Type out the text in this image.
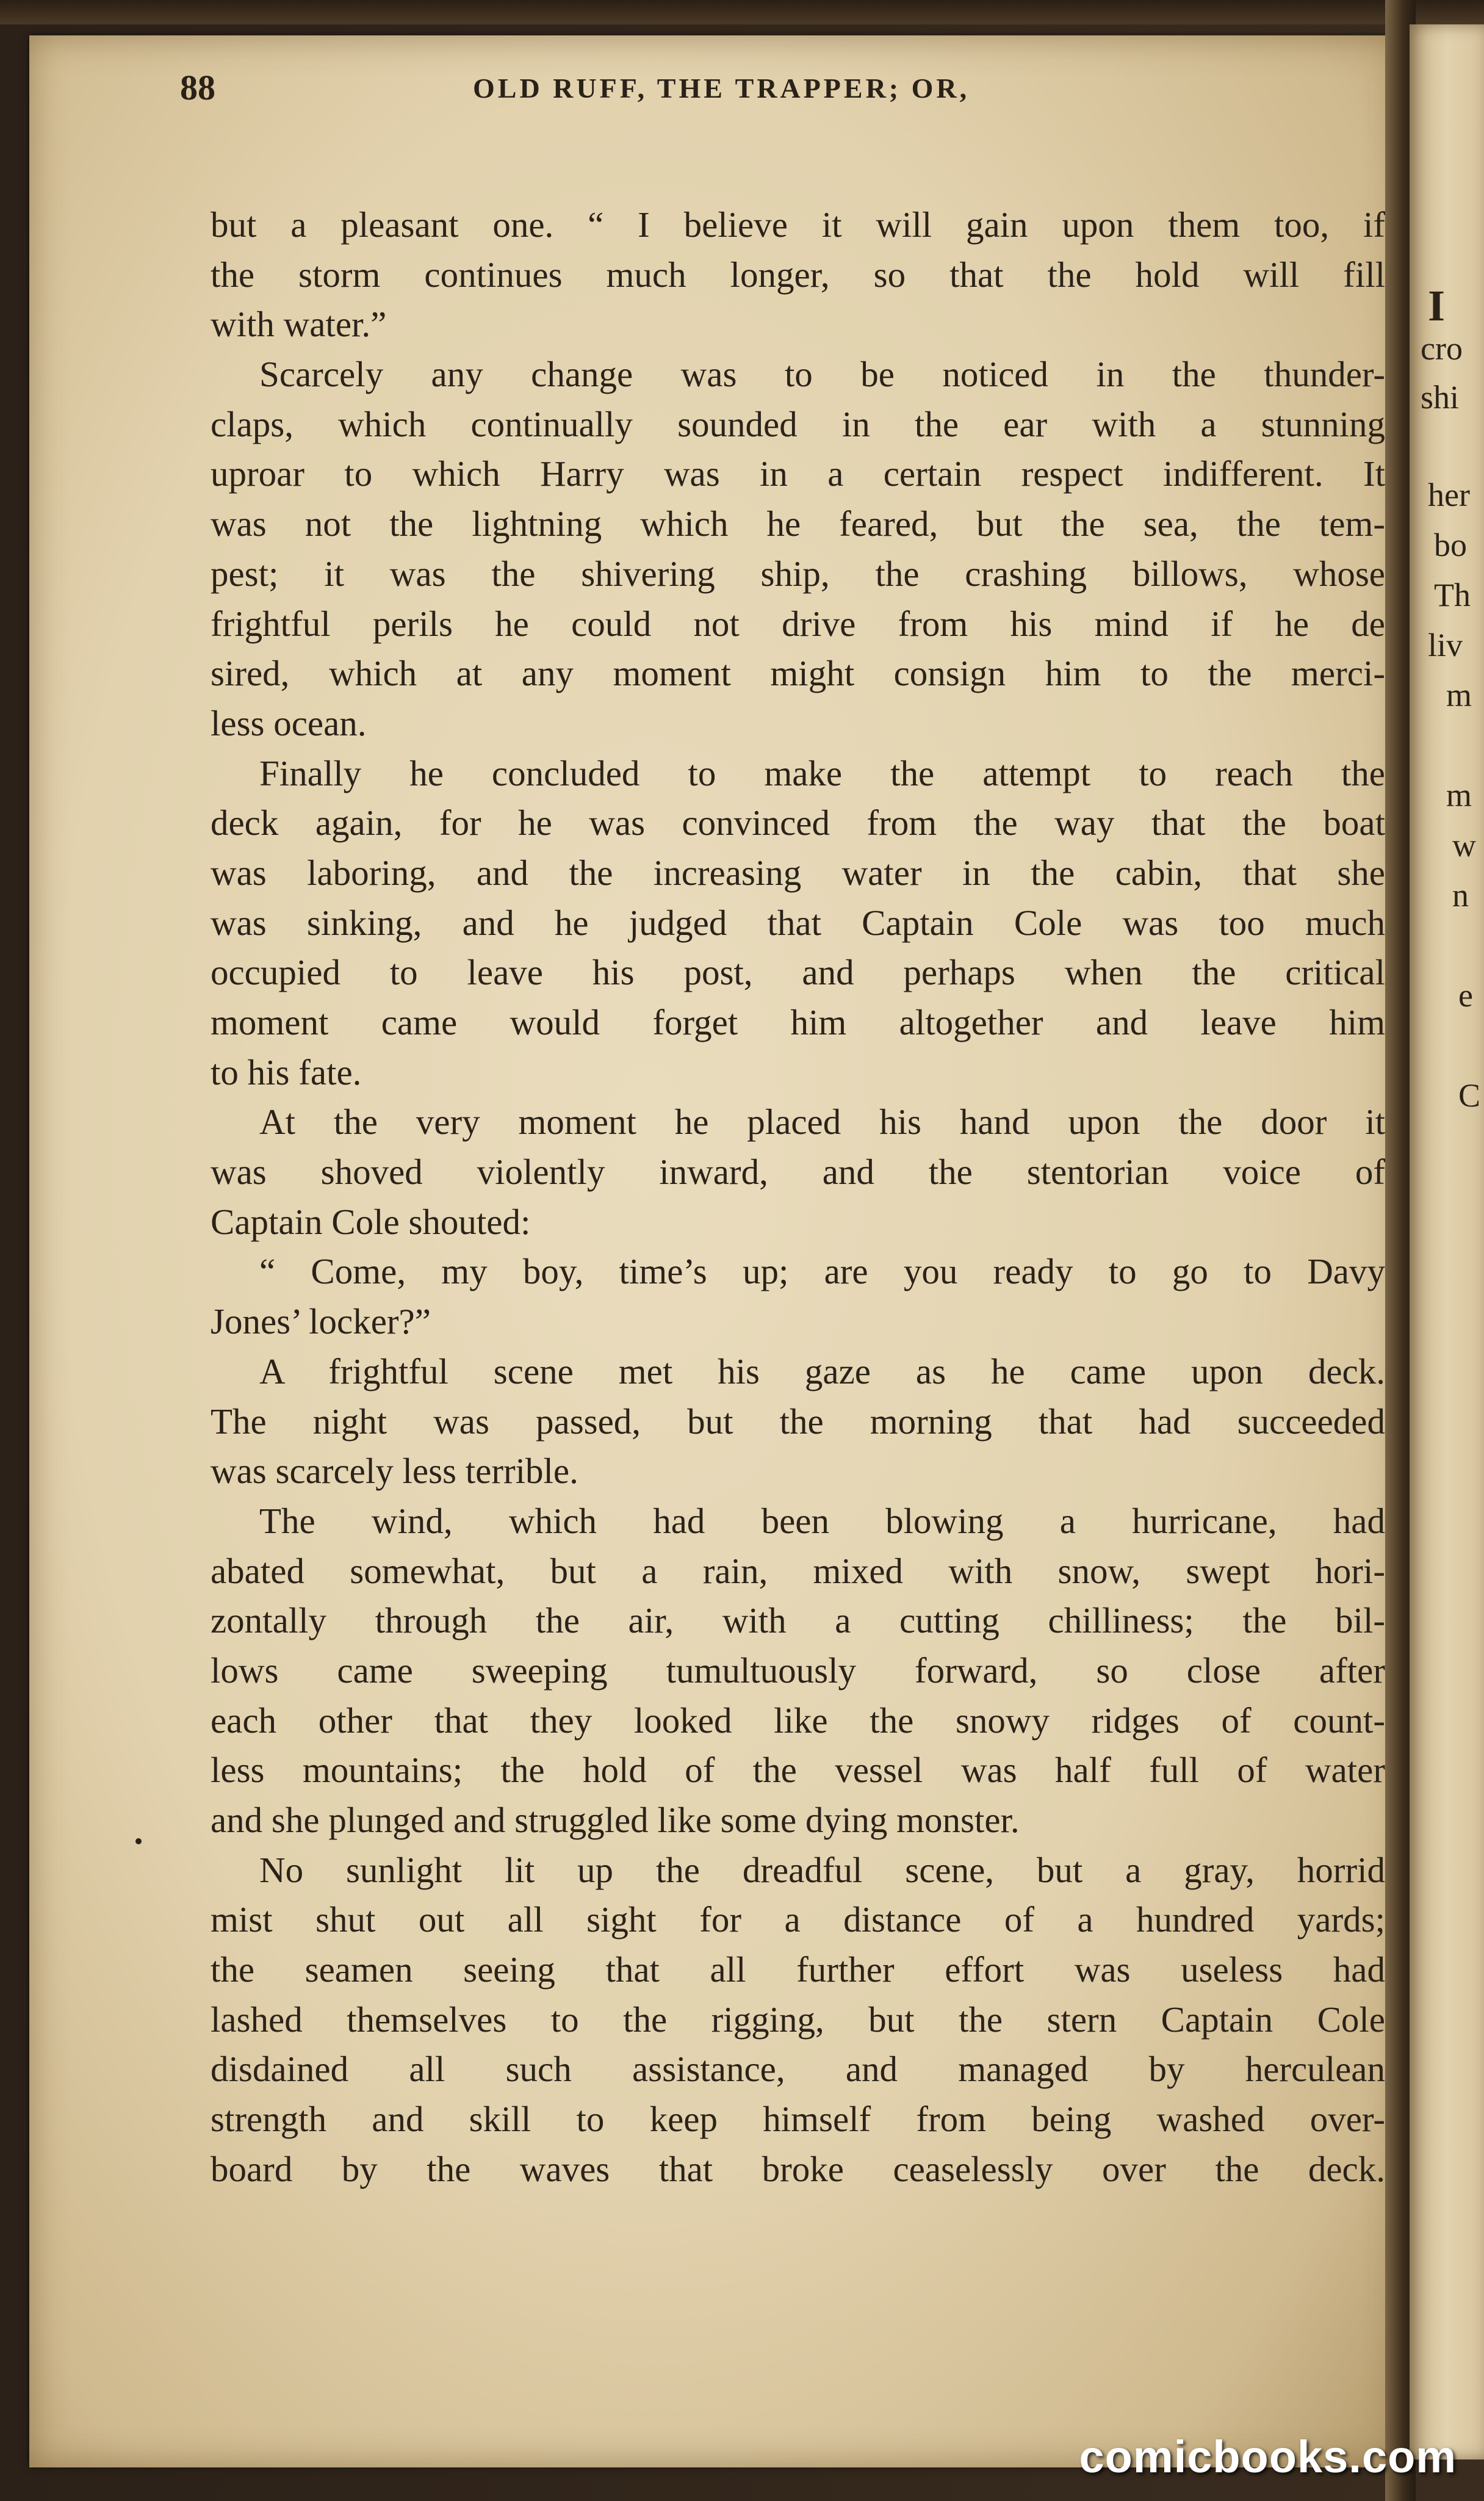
88	OLD RUFF, THE TRAPPER; OR,
but a pleasant one. “ I believe it will gain upon them too, if
the storm continues much longer, so that the hold will fill
with water.”
Scarcely any change was to be noticed in the thunder-
claps, which continually sounded in the ear with a stunning
uproar to which Harry was in a certain respect indifferent. It
was not the lightning which he feared, but the sea, the tem-
pest; it was the shivering ship, the crashing billows, whose
frightful perils he could not drive from his mind if he de
sired, which at any moment might consign him to the merci-
less ocean.
Finally he concluded to make the attempt to reach the
deck again, for he was convinced from the way that the boat
was laboring, and the increasing water in the cabin, that she
was sinking, and he judged that Captain Cole was too much
occupied to leave his post, and perhaps when the critical
moment came would forget him altogether and leave him
to his fate.
At the very moment he placed his hand upon the door it
was shoved violently inward, and the stentorian voice of
Captain Cole shouted:
“ Come, my boy, time’s up; are you ready to go to Davy
Jones’ locker?”
A frightful scene met his gaze as he came upon deck.
The night was passed, but the morning that had succeeded
was scarcely less terrible.
The wind, which had been blowing a hurricane, had
abated somewhat, but a rain, mixed with snow, swept hori-
zontally through the air, with a cutting chilliness; the bil-
lows came sweeping tumultuously forward, so close after
each other that they looked like the snowy ridges of count-
less mountains; the hold of the vessel was half full of water
and she plunged and struggled like some dying monster.
No sunlight lit up the dreadful scene, but a gray, horrid
mist shut out all sight for a distance of a hundred yards;
the seamen seeing that all further effort was useless had
lashed themselves to the rigging, but the stern Captain Cole
disdained all such assistance, and managed by herculean
strength and skill to keep himself from being washed over-
board by the waves that broke ceaselessly over the deck.
I
cro
shi
her
bo
Th
liv
m
m
w
n
e
C
comicbooks.com
